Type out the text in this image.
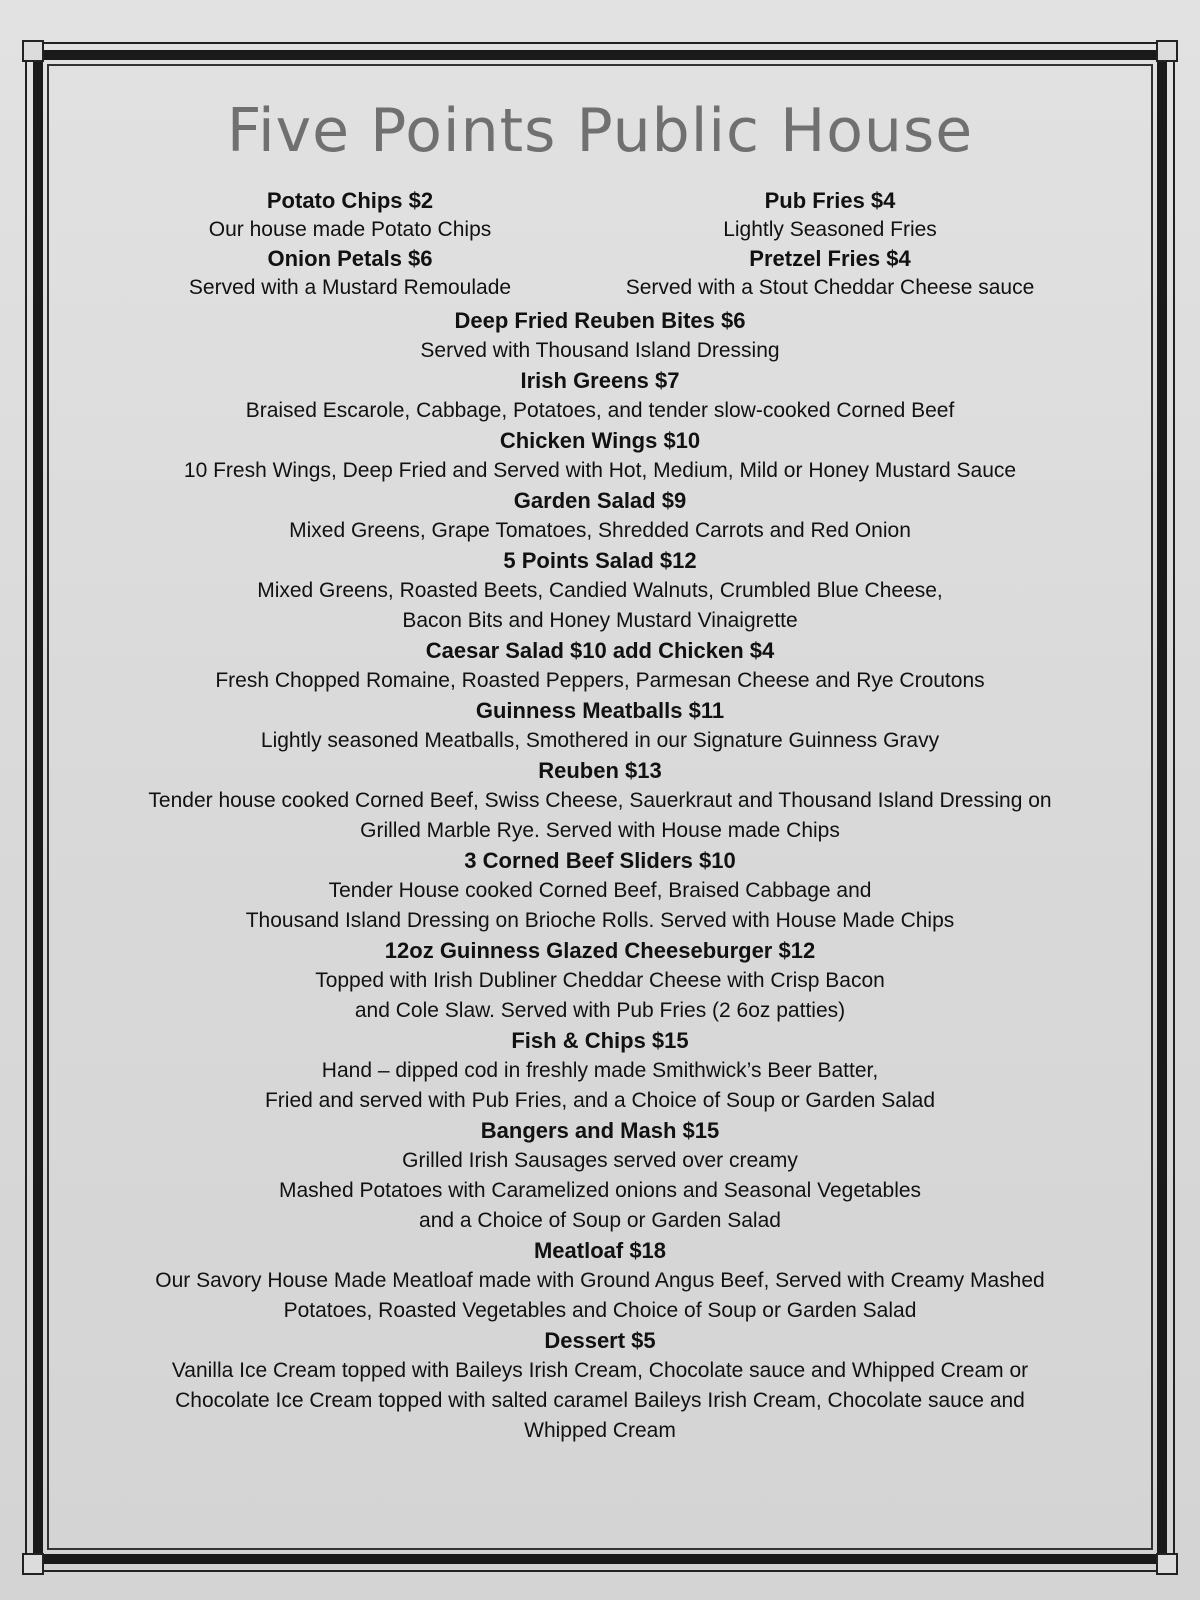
Five Points Public House
Potato Chips $2
Our house made Potato Chips
Onion Petals $6
Served with a Mustard Remoulade
Pub Fries $4
Lightly Seasoned Fries
Pretzel Fries $4
Served with a Stout Cheddar Cheese sauce
Deep Fried Reuben Bites $6
Served with Thousand Island Dressing
Irish Greens $7
Braised Escarole, Cabbage, Potatoes, and tender slow-cooked Corned Beef
Chicken Wings $10
10 Fresh Wings, Deep Fried and Served with Hot, Medium, Mild or Honey Mustard Sauce
Garden Salad $9
Mixed Greens, Grape Tomatoes, Shredded Carrots and Red Onion
5 Points Salad $12
Mixed Greens, Roasted Beets, Candied Walnuts, Crumbled Blue Cheese,
Bacon Bits and Honey Mustard Vinaigrette
Caesar Salad $10 add Chicken $4
Fresh Chopped Romaine, Roasted Peppers, Parmesan Cheese and Rye Croutons
Guinness Meatballs $11
Lightly seasoned Meatballs, Smothered in our Signature Guinness Gravy
Reuben $13
Tender house cooked Corned Beef, Swiss Cheese, Sauerkraut and Thousand Island Dressing on
Grilled Marble Rye. Served with House made Chips
3 Corned Beef Sliders $10
Tender House cooked Corned Beef, Braised Cabbage and
Thousand Island Dressing on Brioche Rolls. Served with House Made Chips
12oz Guinness Glazed Cheeseburger $12
Topped with Irish Dubliner Cheddar Cheese with Crisp Bacon
and Cole Slaw. Served with Pub Fries (2 6oz patties)
Fish & Chips $15
Hand – dipped cod in freshly made Smithwick’s Beer Batter,
Fried and served with Pub Fries, and a Choice of Soup or Garden Salad
Bangers and Mash $15
Grilled Irish Sausages served over creamy
Mashed Potatoes with Caramelized onions and Seasonal Vegetables
and a Choice of Soup or Garden Salad
Meatloaf $18
Our Savory House Made Meatloaf made with Ground Angus Beef, Served with Creamy Mashed
Potatoes, Roasted Vegetables and Choice of Soup or Garden Salad
Dessert $5
Vanilla Ice Cream topped with Baileys Irish Cream, Chocolate sauce and Whipped Cream or
Chocolate Ice Cream topped with salted caramel Baileys Irish Cream, Chocolate sauce and
Whipped Cream
